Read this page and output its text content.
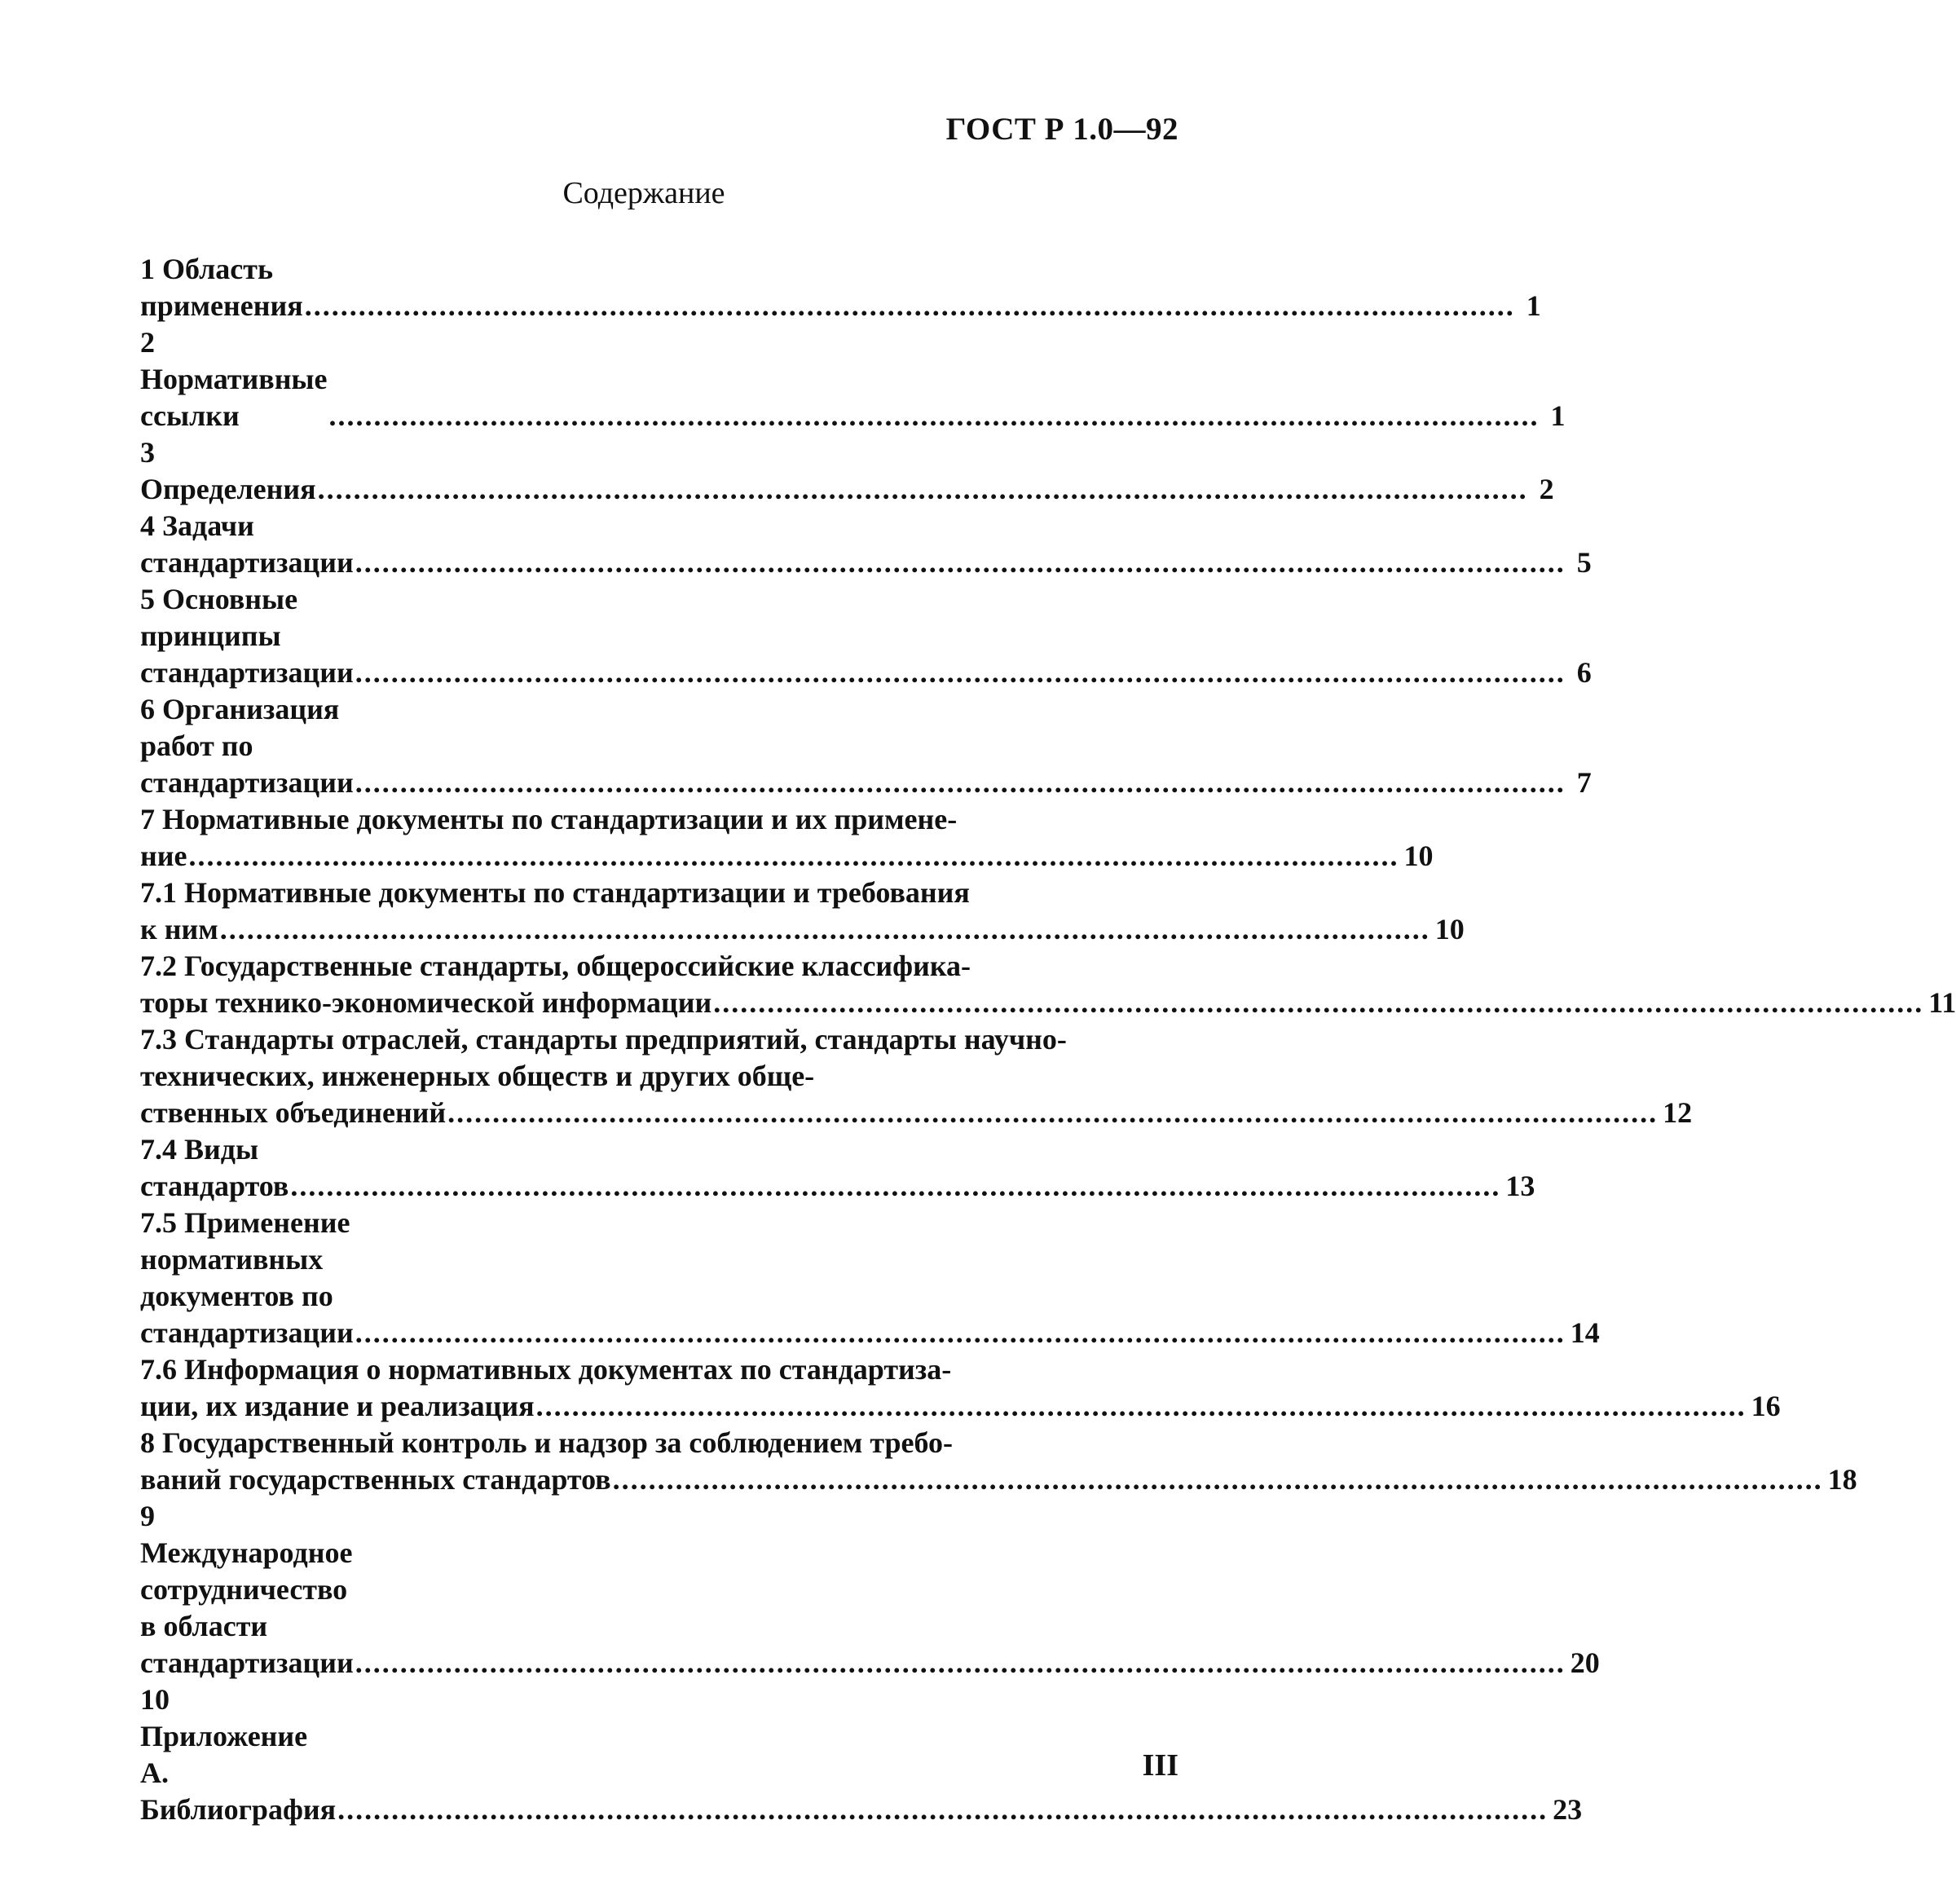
ГОСТ Р 1.0—92
Содержание
1 Область применения ....................................................................................................................................... 1
2 Нормативные ссылки	....................................................................................................................................... 1
3 Определения ....................................................................................................................................... 2
4 Задачи стандартизации ....................................................................................................................................... 5
5 Основные принципы стандартизации ....................................................................................................................................... 6
6 Организация работ по стандартизации ....................................................................................................................................... 7
7 Нормативные документы по стандартизации и их примене-
ние ....................................................................................................................................... 10
7.1 Нормативные документы по стандартизации и требования
к ним ....................................................................................................................................... 10
7.2 Государственные стандарты, общероссийские классифика-
торы технико-экономической информации ....................................................................................................................................... 11
7.3 Стандарты отраслей, стандарты предприятий, стандарты научно-технических, инженерных обществ и других обще-
ственных объединений ....................................................................................................................................... 12
7.4 Виды стандартов ....................................................................................................................................... 13
7.5 Применение нормативных документов по стандартизации ....................................................................................................................................... 14
7.6 Информация о нормативных документах по стандартиза-
ции, их издание и реализация ....................................................................................................................................... 16
8 Государственный контроль и надзор за соблюдением требо-
ваний государственных стандартов ....................................................................................................................................... 18
9 Международное сотрудничество в области стандартизации ....................................................................................................................................... 20
10 Приложение А. Библиография ....................................................................................................................................... 23
III
